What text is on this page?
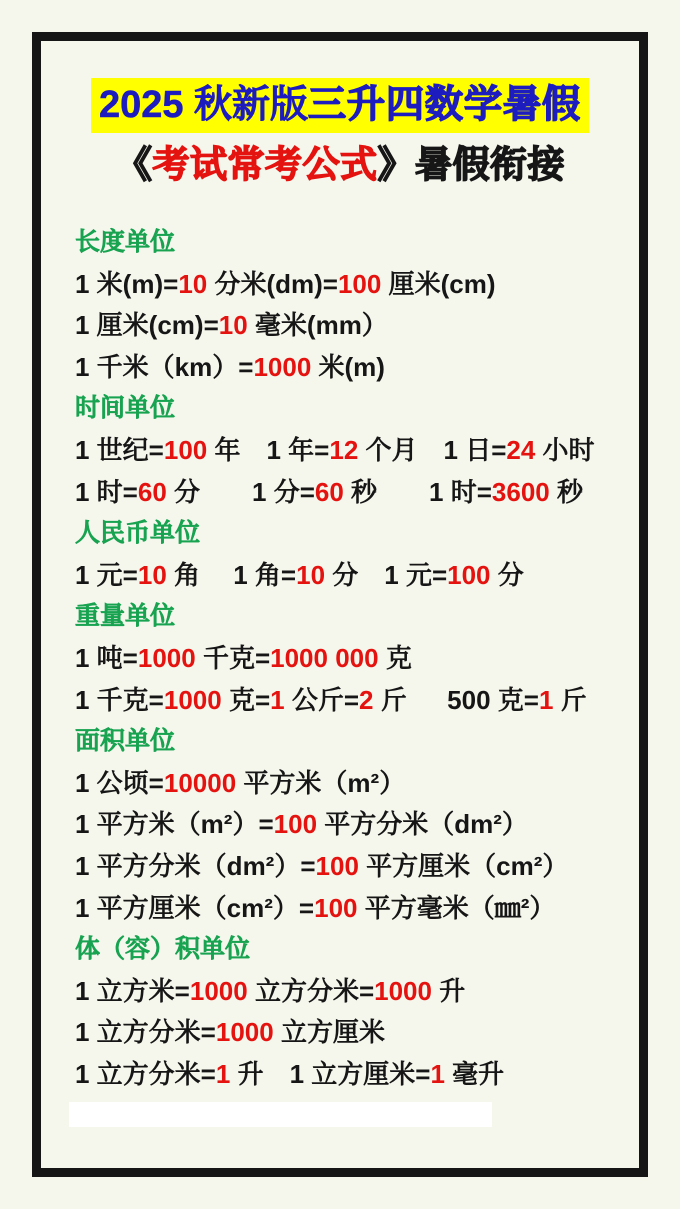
2025 秋新版三升四数学暑假
《考试常考公式》暑假衔接
长度单位
1 米(m)=10 分米(dm)=100 厘米(cm)
1 厘米(cm)=10 毫米(mm）
1 千米（km）=1000 米(m)
时间单位
1 世纪=100 年　1 年=12 个月　1 日=24 小时
1 时=60 分　　1 分=60 秒　　1 时=3600 秒
人民币单位
1 元=10 角　 1 角=10 分　1 元=100 分
重量单位
1 吨=1000 千克=1000 000 克
1 千克=1000 克=1 公斤=2 斤　  500 克=1 斤
面积单位
1 公顷=10000 平方米（m²）
1 平方米（m²）=100 平方分米（dm²）
1 平方分米（dm²）=100 平方厘米（cm²）
1 平方厘米（cm²）=100 平方毫米（㎜²）
体（容）积单位
1 立方米=1000 立方分米=1000 升
1 立方分米=1000 立方厘米
1 立方分米=1 升　1 立方厘米=1 毫升
